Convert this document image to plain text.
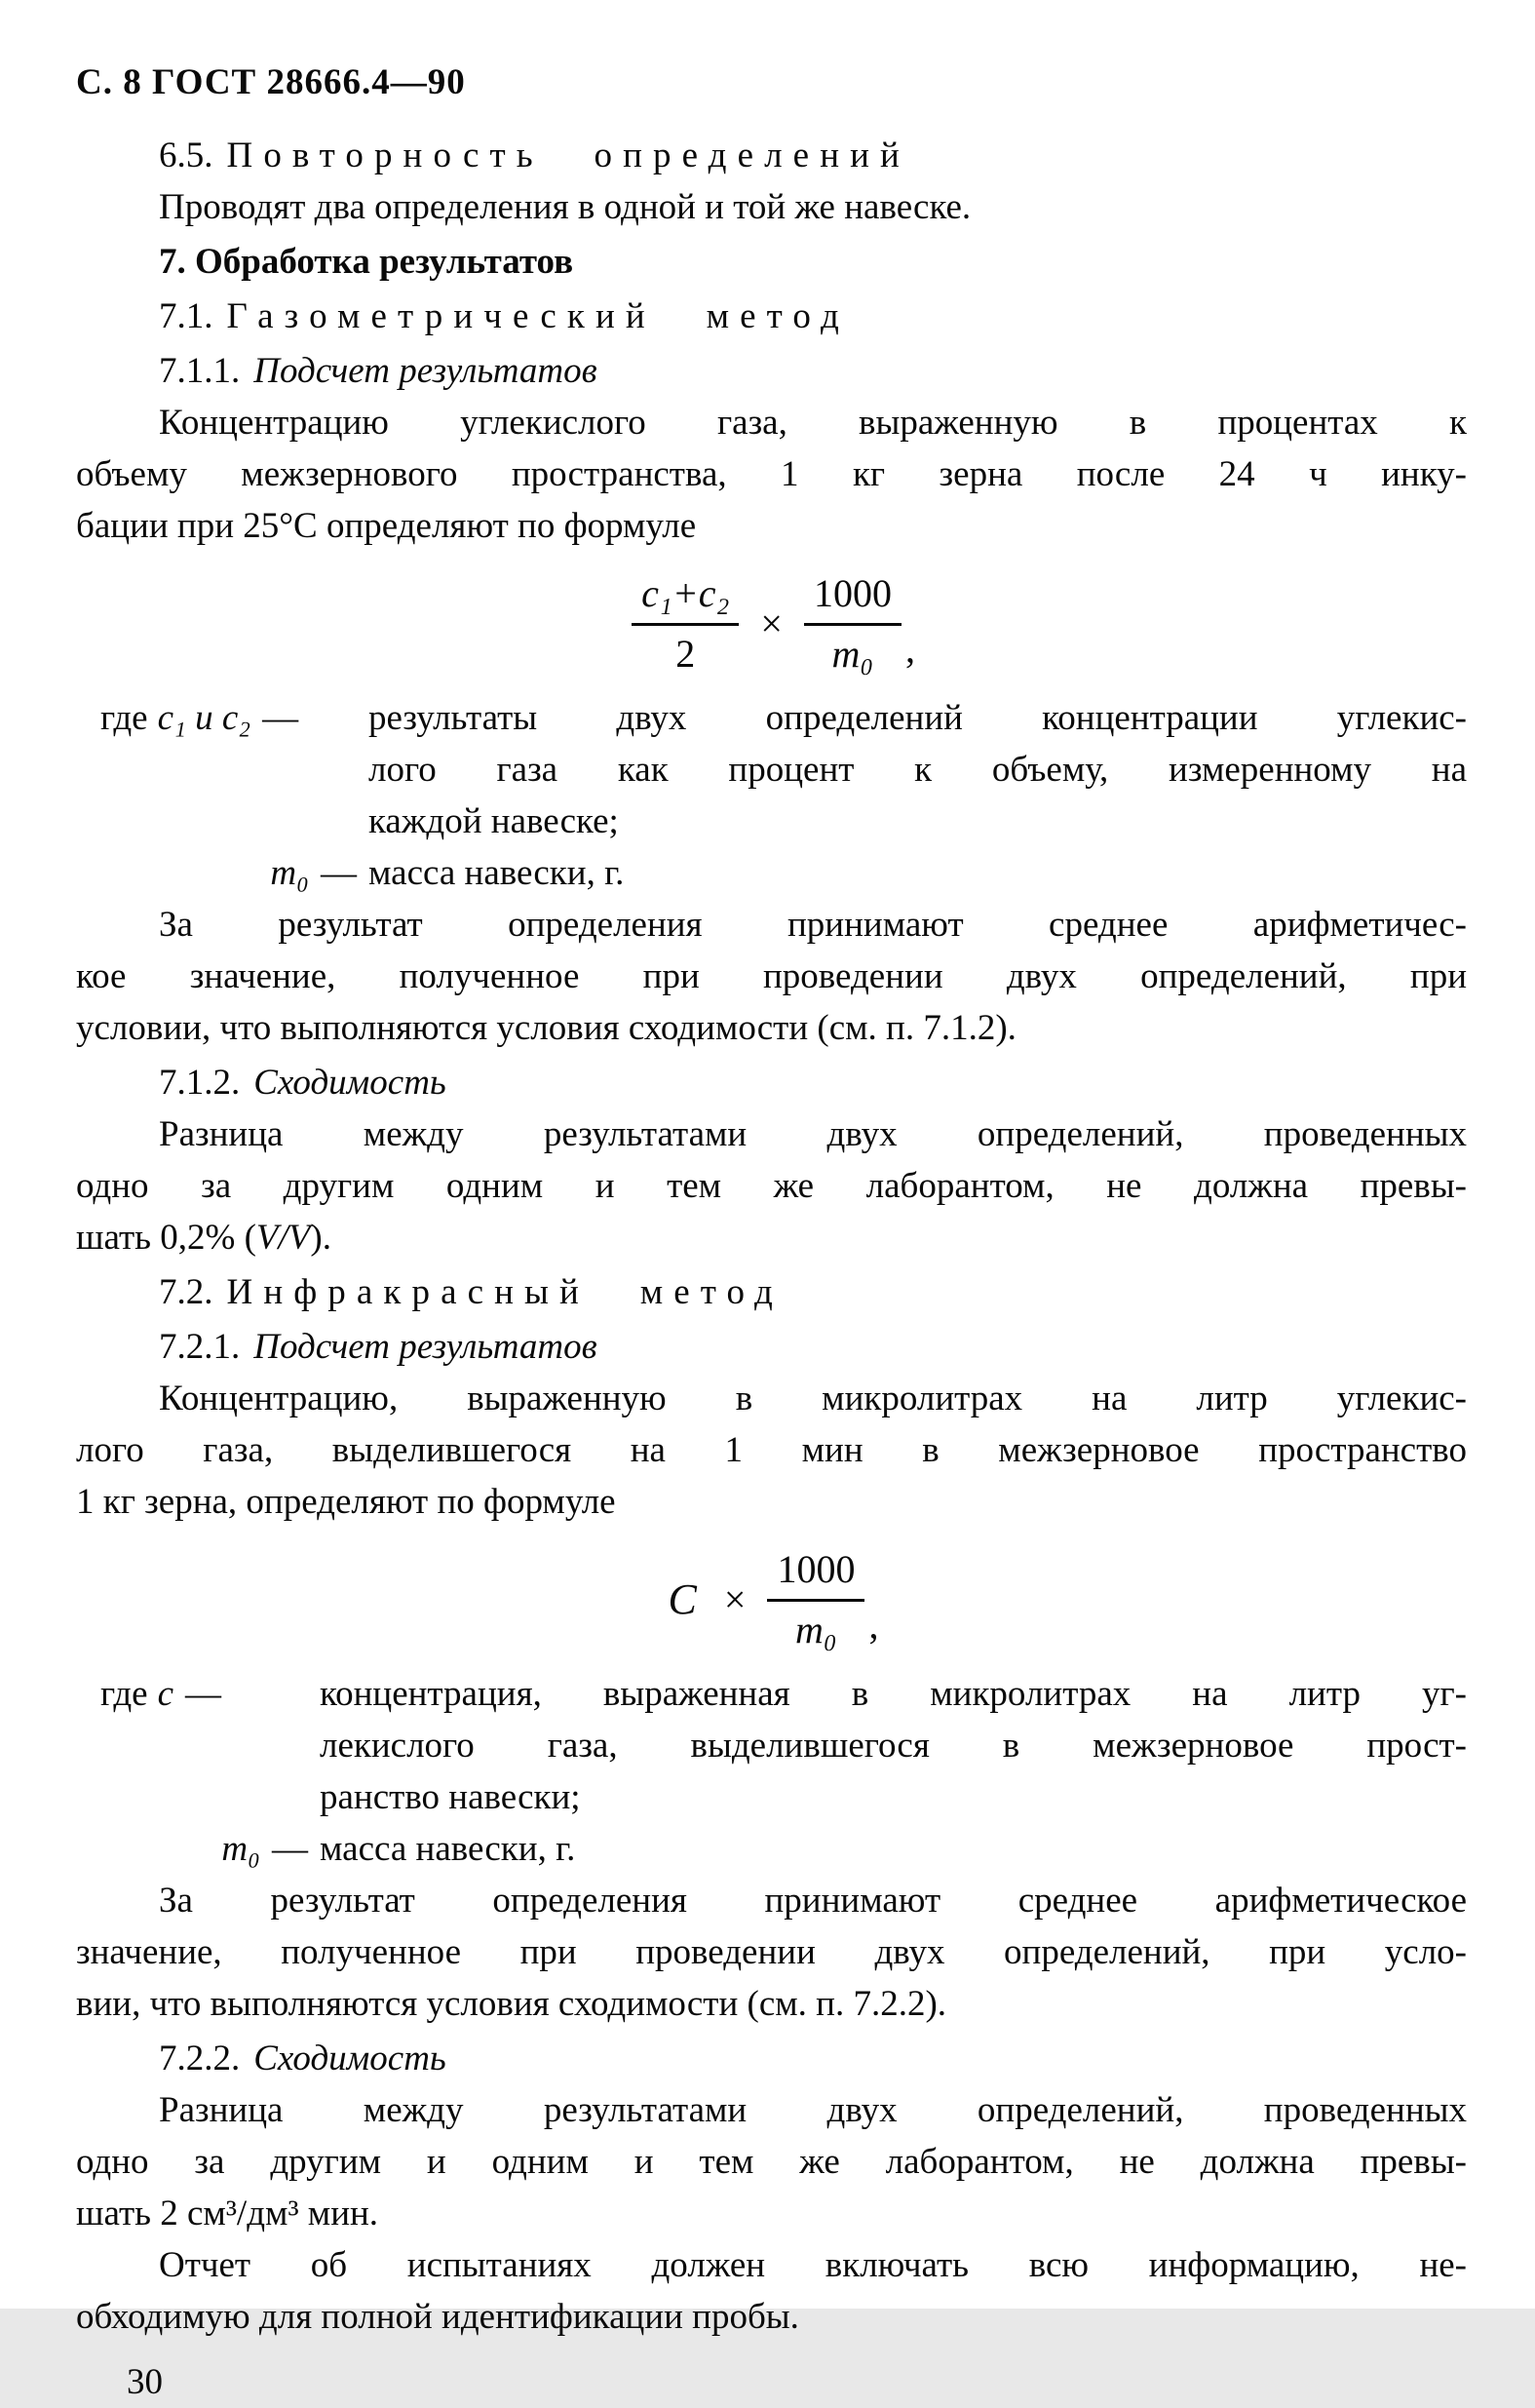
С. 8 ГОСТ 28666.4—90
6.5. Повторность определений
Проводят два определения в одной и той же навеске.
7. Обработка результатов
7.1. Газометрический метод
7.1.1. Подсчет результатов
Концентрацию углекислого газа, выраженную в процентах к
объему межзернового пространства, 1 кг зерна после 24 ч инку-
бации при 25°С определяют по формуле
$\frac{\text{c₁+c₂}}{2} \times \frac{1000}{\text{m₀}}$ ,
где c₁ и c₂ —	результаты двух определений концентрации углекис-
лого газа как процент к объему, измеренному на
каждой навеске;
m₀ — масса навески, г.
За результат определения принимают среднее арифметичес-
кое значение, полученное при проведении двух определений, при
условии, что выполняются условия сходимости (см. п. 7.1.2).
7.1.2. Сходимость
Разница между результатами двух определений, проведенных
одно за другим одним и тем же лаборантом, не должна превы-
шать 0,2% (V/V).
7.2. Инфракрасный метод
7.2.1. Подсчет результатов
Концентрацию, выраженную в микролитрах на литр углекис-
лого газа, выделившегося на 1 мин в межзерновое пространство
1 кг зерна, определяют по формуле
$C \times \frac{1000}{\text{m₀}}$ ,
где c —	концентрация, выраженная в микролитрах на литр уг-
лекислого газа, выделившегося в межзерновое прост-
ранство навески;
m₀ — масса навески, г.
За результат определения принимают среднее арифметическое
значение, полученное при проведении двух определений, при усло-
вии, что выполняются условия сходимости (см. п. 7.2.2).
7.2.2. Сходимость
Разница между результатами двух определений, проведенных
одно за другим и одним и тем же лаборантом, не должна превы-
шать 2 см³/дм³ мин.
Отчет об испытаниях должен включать всю информацию, не-
обходимую для полной идентификации пробы.
30
